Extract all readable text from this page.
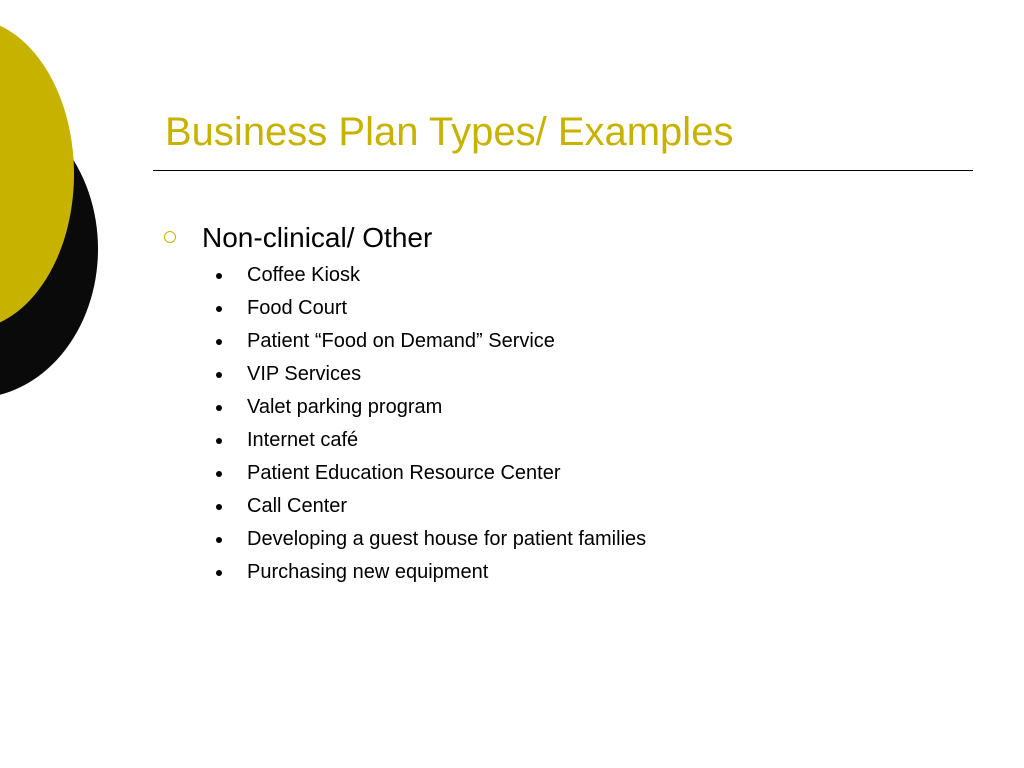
Business Plan Types/ Examples
Non-clinical/ Other
Coffee Kiosk
Food Court
Patient “Food on Demand” Service
VIP Services
Valet parking program
Internet café
Patient Education Resource Center
Call Center
Developing a guest house for patient families
Purchasing new equipment
